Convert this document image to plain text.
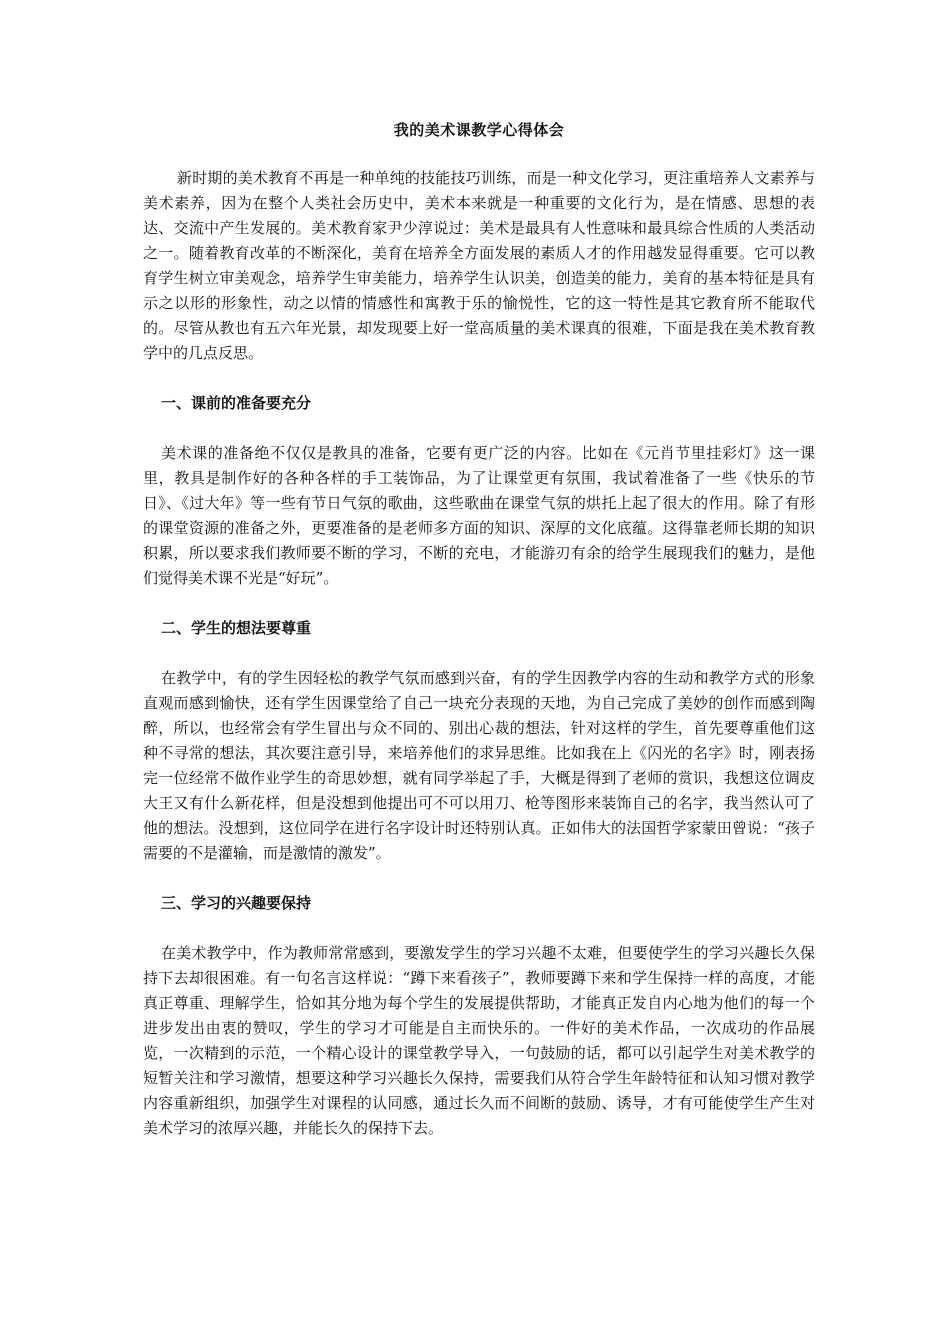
我的美术课教学心得体会

新时期的美术教育不再是一种单纯的技能技巧训练，而是一种文化学习，更注重培养人文素养与美术素养，因为在整个人类社会历史中，美术本来就是一种重要的文化行为，是在情感、思想的表达、交流中产生发展的。美术教育家尹少淳说过：美术是最具有人性意味和最具综合性质的人类活动之一。随着教育改革的不断深化，美育在培养全方面发展的素质人才的作用越发显得重要。它可以教育学生树立审美观念，培养学生审美能力，培养学生认识美，创造美的能力，美育的基本特征是具有示之以形的形象性，动之以情的情感性和寓教于乐的愉悦性，它的这一特性是其它教育所不能取代的。尽管从教也有五六年光景，却发现要上好一堂高质量的美术课真的很难，下面是我在美术教育教学中的几点反思。

一、课前的准备要充分

美术课的准备绝不仅仅是教具的准备，它要有更广泛的内容。比如在《元肖节里挂彩灯》这一课里，教具是制作好的各种各样的手工装饰品，为了让课堂更有氛围，我试着准备了一些《快乐的节日》、《过大年》等一些有节日气氛的歌曲，这些歌曲在课堂气氛的烘托上起了很大的作用。除了有形的课堂资源的准备之外，更要准备的是老师多方面的知识、深厚的文化底蕴。这得靠老师长期的知识积累，所以要求我们教师要不断的学习，不断的充电，才能游刃有余的给学生展现我们的魅力，是他们觉得美术课不光是“好玩”。

二、学生的想法要尊重

在教学中，有的学生因轻松的教学气氛而感到兴奋，有的学生因教学内容的生动和教学方式的形象直观而感到愉快，还有学生因课堂给了自己一块充分表现的天地，为自己完成了美妙的创作而感到陶醉，所以，也经常会有学生冒出与众不同的、别出心裁的想法，针对这样的学生，首先要尊重他们这种不寻常的想法，其次要注意引导，来培养他们的求异思维。比如我在上《闪光的名字》时，刚表扬完一位经常不做作业学生的奇思妙想，就有同学举起了手，大概是得到了老师的赏识，我想这位调皮大王又有什么新花样，但是没想到他提出可不可以用刀、枪等图形来装饰自己的名字，我当然认可了他的想法。没想到，这位同学在进行名字设计时还特别认真。正如伟大的法国哲学家蒙田曾说：“孩子需要的不是灌输，而是激情的激发”。

三、学习的兴趣要保持

在美术教学中，作为教师常常感到，要激发学生的学习兴趣不太难，但要使学生的学习兴趣长久保持下去却很困难。有一句名言这样说：“蹲下来看孩子”，教师要蹲下来和学生保持一样的高度，才能真正尊重、理解学生，恰如其分地为每个学生的发展提供帮助，才能真正发自内心地为他们的每一个进步发出由衷的赞叹，学生的学习才可能是自主而快乐的。一件好的美术作品，一次成功的作品展览，一次精到的示范，一个精心设计的课堂教学导入，一句鼓励的话，都可以引起学生对美术教学的短暂关注和学习激情，想要这种学习兴趣长久保持，需要我们从符合学生年龄特征和认知习惯对教学内容重新组织，加强学生对课程的认同感，通过长久而不间断的鼓励、诱导，才有可能使学生产生对美术学习的浓厚兴趣，并能长久的保持下去。
